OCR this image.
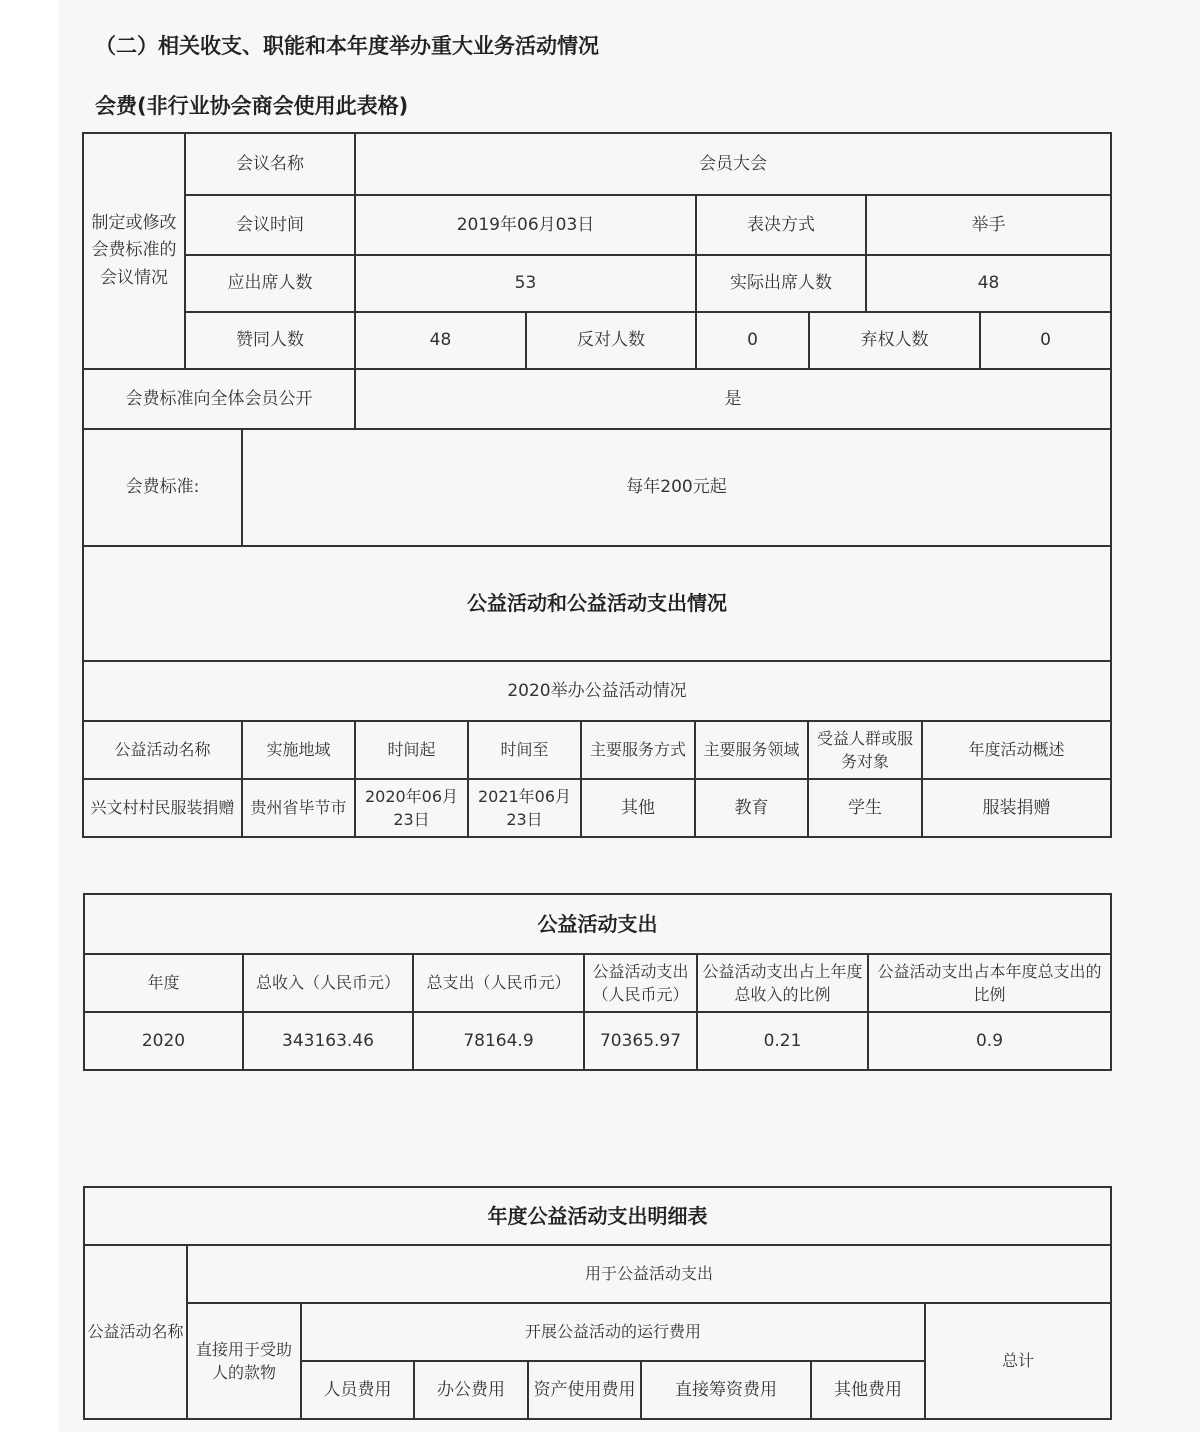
（二）相关收支、职能和本年度举办重大业务活动情况
会费(非行业协会商会使用此表格)
制定或修改
会费标准的
会议情况	会议名称		会员大会					
	会议时间		2019年06月03日		表决方式		举手	
	应出席人数		53		实际出席人数		48	
	赞同人数		48	反对人数	0	弃权人数		0
会费标准向全体会员公开			是					
会费标准:		每年200元起						
公益活动和公益活动支出情况							
2020举办公益活动情况							
公益活动名称	实施地域	时间起	时间至	主要服务方式	主要服务领域	受益人群或服务对象	年度活动概述
兴文村村民服装捐赠	贵州省毕节市	2020年06月23日	2021年06月23日	其他	教育	学生	服装捐赠
公益活动支出					
年度	总收入（人民币元）	总支出（人民币元）	公益活动支出（人民币元）	公益活动支出占上年度总收入的比例	公益活动支出占本年度总支出的比例
2020	343163.46	78164.9	70365.97	0.21	0.9
年度公益活动支出明细表							
公益活动名称	用于公益活动支出						
	直接用于受助人的款物	开展公益活动的运行费用					总计
		人员费用	办公费用	资产使用费用	直接筹资费用	其他费用	
